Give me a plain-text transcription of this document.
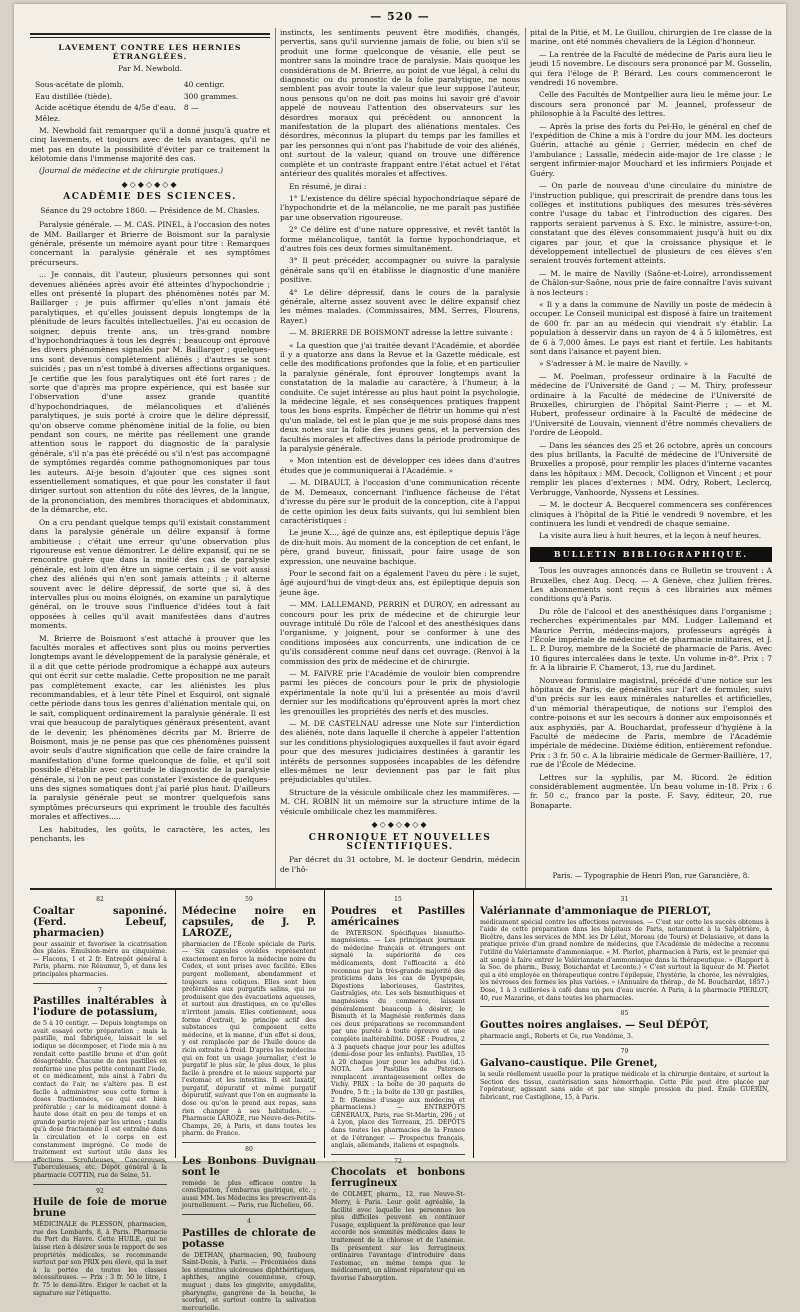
— 520 —
LAVEMENT CONTRE LES HERNIES ÉTRANGLÉES.
Par M. Newbold.
Sous-acétate de plomb.	40 centigr.
Eau distillée (tiède).	300 grammes.
Acide acétique étendu de 4/5e d'eau.	8 —
Mêlez.	

M. Newbold fait remarquer qu'il a donné jusqu'à quatre et cinq lavements, et toujours avec de tels avantages, qu'il ne met pas en doute la possibilité d'éviter par ce traitement la kélotomie dans l'immense majorité des cas.

(Journal de médecine et de chirurgie pratiques.)

◆◇◆◇◆◇◆
ACADÉMIE DES SCIENCES.
Séance du 29 octobre 1860. — Présidence de M. Chasles.

Paralysie générale. — M. CAS. PINEL, à l'occasion des notes de MM. Baillarger et Brierre de Boismont sur la paralysie générale, présente un mémoire ayant pour titre : Remarques concernant la paralysie générale et ses symptômes précurseurs.

... Je connais, dit l'auteur, plusieurs personnes qui sont devenues aliénées après avoir été atteintes d'hypochondrie ; elles ont présenté la plupart des phénomènes notés par M. Baillarger ; je puis affirmer qu'elles n'ont jamais été paralytiques, et qu'elles jouissent depuis longtemps de la plénitude de leurs facultés intellectuelles. J'ai eu occasion de soigner, depuis trente ans, un très-grand nombre d'hypochondriaques à tous les degrés ; beaucoup ont éprouvé les divers phénomènes signalés par M. Baillarger ; quelques-uns sont devenus complétement aliénés ; d'autres se sont suicidés ; pas un n'est tombé à diverses affections organiques. Je certifie que les fous paralytiques ont été fort rares ; de sorte que d'après ma propre expérience, qui est basée sur l'observation d'une assez grande quantité d'hypochondriaques, de mélancoliques et d'aliénés paralytiques, je suis porté à croire que le délire dépressif, qu'on observe comme phénomène initial de la folie, ou bien pendant son cours, ne mérite pas réellement une grande attention sous le rapport du diagnostic de la paralysie générale, s'il n'a pas été précédé ou s'il n'est pas accompagné de symptômes regardés comme pathognomoniques par tous les auteurs. Ai-je besoin d'ajouter que ces signes sont essentiellement somatiques, et que pour les constater il faut diriger surtout son attention du côté des lèvres, de la langue, de la prononciation, des membres thoraciques et abdominaux, de la démarche, etc.

On a cru pendant quelque temps qu'il existait constamment dans la paralysie générale un délire expansif à forme ambitieuse ; c'était une erreur qu'une observation plus rigoureuse est venue démontrer. Le délire expansif, qui ne se rencontre guère que dans la moitié des cas de paralysie générale, est loin d'en être un signe certain ; il se voit aussi chez des aliénés qui n'en sont jamais atteints ; il alterne souvent avec le délire dépressif, de sorte que si, à des intervalles plus ou moins éloignés, on examine un paralytique général, on le trouve sous l'influence d'idées tout à fait opposées à celles qu'il avait manifestées dans d'autres moments.

M. Brierre de Boismont s'est attaché à prouver que les facultés morales et affectives sont plus ou moins perverties longtemps avant le développement de la paralysie générale, et il a dit que cette période prodromique a échappé aux auteurs qui ont écrit sur cette maladie. Cette proposition ne me paraît pas complètement exacte, car les aliénistes les plus recommandables, et à leur tête Pinel et Esquirol, ont signalé cette période dans tous les genres d'aliénation mentale qui, on le sait, compliquent ordinairement la paralysie générale. Il est vrai que beaucoup de paralytiques généraux présentent, avant de le devenir, les phénomènes décrits par M. Brierre de Boismont, mais je ne pense pas que ces phénomènes puissent avoir seuls d'autre signification que celle de faire craindre la manifestation d'une forme quelconque de folie, et qu'il soit possible d'établir avec certitude le diagnostic de la paralysie générale, si l'on ne peut pas constater l'existence de quelques-uns des signes somatiques dont j'ai parlé plus haut. D'ailleurs la paralysie générale peut se montrer quelquefois sans symptômes précurseurs qui expriment le trouble des facultés morales et affectives.....

Les habitudes, les goûts, le caractère, les actes, les penchants, les

instincts, les sentiments peuvent être modifiés, changés, pervertis, sans qu'il survienne jamais de folie, ou bien s'il se produit une forme quelconque de vésanie, elle peut se montrer sans la moindre trace de paralysie. Mais quoique les considérations de M. Brierre, au point de vue légal, à celui du diagnostic ou du pronostic de la folie paralytique, ne nous semblent pas avoir toute la valeur que leur suppose l'auteur, nous pensons qu'on ne doit pas moins lui savoir gré d'avoir appelé de nouveau l'attention des observateurs sur les désordres moraux qui précèdent ou annoncent la manifestation de la plupart des aliénations mentales. Ces désordres, méconnus la plupart du temps par les familles et par les personnes qui n'ont pas l'habitude de voir des aliénés, ont surtout de la valeur, quand on trouve une différence complète et un contraste frappant entre l'état actuel et l'état antérieur des qualités morales et affectives.

En résumé, je dirai :

1° L'existence du délire spécial hypochondriaque séparé de l'hypochondrie et de la mélancolie, ne me paraît pas justifiée par une observation rigoureuse.

2° Ce délire est d'une nature oppressive, et revêt tantôt la forme mélancolique, tantôt la forme hypochondriaque, et d'autres fois ces deux formes simultanément.

3° Il peut précéder, accompagner ou suivre la paralysie générale sans qu'il en établisse le diagnostic d'une manière positive.

4° Le délire dépressif, dans le cours de la paralysie générale, alterne assez souvent avec le délire expansif chez les mêmes malades. (Commissaires, MM. Serres, Flourens, Rayer.)

— M. BRIERRE DE BOISMONT adresse la lettre suivante :

« La question que j'ai traitée devant l'Académie, et abordée il y a quatorze ans dans la Revue et la Gazette médicale, est celle des modifications profondes que la folie, et en particulier la paralysie générale, font éprouver longtemps avant la constatation de la maladie au caractère, à l'humeur, à la conduite. Ce sujet intéresse au plus haut point la psychologie, la médecine légale, et ses conséquences pratiques frappent tous les bons esprits. Empêcher de flétrir un homme qui n'est qu'un malade, tel est le plan que je me suis proposé dans mes deux notes sur la folie des jeunes gens, et la perversion des facultés morales et affectives dans la période prodromique de la paralysie générale.

» Mon intention est de développer ces idées dans d'autres études que je communiquerai à l'Académie. »

— M. DIBAULT, à l'occasion d'une communication récente de M. Demeaux, concernant l'influence fâcheuse de l'état d'ivresse du père sur le produit de la conception, cite à l'appui de cette opinion les deux faits suivants, qui lui semblent bien caractéristiques :

Le jeune X..., âgé de quinze ans, est épileptique depuis l'âge de dix-huit mois. Au moment de la conception de cet enfant, le père, grand buveur, finissait, pour faire usage de son expression, une neuvaine bachique.

Pour le second fait on a également l'aveu du père : le sujet, âgé aujourd'hui de vingt-deux ans, est épileptique depuis son jeune âge.

— MM. LALLEMAND, PERRIN et DUROY, en adressant au concours pour les prix de médecine et de chirurgie leur ouvrage intitulé Du rôle de l'alcool et des anesthésiques dans l'organisme, y joignent, pour se conformer à une des conditions imposées aux concurrents, une indication de ce qu'ils considèrent comme neuf dans cet ouvrage. (Renvoi à la commission des prix de médecine et de chirurgie.

— M. FAIVRE prie l'Académie de vouloir bien comprendre parmi les pièces de concours pour le prix de physiologie expérimentale la note qu'il lui a présentée au mois d'avril dernier sur les modifications qu'éprouvent après la mort chez les grenouilles les propriétés des nerfs et des muscles.

— M. DE CASTELNAU adresse une Note sur l'interdiction des aliénés, note dans laquelle il cherche à appeler l'attention sur les conditions physiologiques auxquelles il faut avoir égard pour que des mesures judiciaires destinées à garantir les intérêts de personnes supposées incapables de les défendre elles-mêmes ne leur deviennent pas par le fait plus préjudiciables qu'utiles.

Structure de la vésicule ombilicale chez les mammifères. — M. CH. ROBIN lit un mémoire sur la structure intime de la vésicule ombilicale chez les mammifères.

◆◇◆◇◆◇◆
CHRONIQUE ET NOUVELLES SCIENTIFIQUES.

Par décret du 31 octobre, M. le docteur Gendrin, médecin de l'hô-

pital de la Pitié, et M. Le Guillou, chirurgien de 1re classe de la marine, ont été nommés chevaliers de la Légion d'honneur.

— La rentrée de la Faculté de médecine de Paris aura lieu le jeudi 15 novembre. Le discours sera prononcé par M. Gosselin, qui fera l'éloge de P. Bérard. Les cours commenceront le vendredi 16 novembre.

Celle des Facultés de Montpellier aura lieu le même jour. Le discours sera prononcé par M. Jeannel, professeur de philosophie à la Faculté des lettres.

— Après la prise des forts du Peï-Ho, le général en chef de l'expédition de Chine a mis à l'ordre du jour MM. les docteurs Guérin, attaché au génie ; Gerrier, médecin en chef de l'ambulance ; Lassalle, médecin aide-major de 1re classe ; le sergent infirmier-major Mouchard et les infirmiers Poujade et Guéry.

— On parle de nouveau d'une circulaire du ministre de l'instruction publique, qui prescrirait de prendre dans tous les collèges et institutions publiques des mesures très-sévères contre l'usage du tabac et l'introduction des cigares. Des rapports seraient parvenus à S. Exc. le ministre, assure-t-on, constatant que des élèves consommaient jusqu'à huit ou dix cigares par jour, et que la croissance physique et le développement intellectuel de plusieurs de ces élèves s'en seraient trouvés fortement atteints.

— M. le maire de Navilly (Saône-et-Loire), arrondissement de Châlon-sur-Saône, nous prie de faire connaître l'avis suivant à nos lecteurs :

« Il y a dans la commune de Navilly un poste de médecin à occuper. Le Conseil municipal est disposé à faire un traitement de 600 fr. par an au médecin qui viendrait s'y établir. La population à desservir dans un rayon de 4 à 5 kilomètres, est de 6 à 7,000 âmes. Le pays est riant et fertile. Les habitants sont dans l'aisance et payent bien.

» S'adresser à M. le maire de Navilly. »

— M. Poelman, professeur ordinaire à la Faculté de médecine de l'Université de Gand ; — M. Thiry, professeur ordinaire à la Faculté de médecine de l'Université de Bruxelles, chirurgien de l'hôpital Saint-Pierre ; — et M. Hubert, professeur ordinaire à la Faculté de médecine de l'Université de Louvain, viennent d'être nommés chevaliers de l'ordre de Léopold.

— Dans les séances des 25 et 26 octobre, après un concours des plus brillants, la Faculté de médecine de l'Université de Bruxelles a proposé, pour remplir les places d'interne vacantes dans les hôpitaux : MM. Decock, Collignon et Vincent ; et pour remplir les places d'externes : MM. Odry, Robert, Leclercq, Verbrugge, Vanhoorde, Nyssens et Lessines.

— M. le docteur A. Becquerel commencera ses conférences cliniques à l'hôpital de la Pitié le vendredi 9 novembre, et les continuera les lundi et vendredi de chaque semaine.

La visite aura lieu à huit heures, et la leçon à neuf heures.

BULLETIN BIBLIOGRAPHIQUE.

Tous les ouvrages annoncés dans ce Bulletin se trouvent : A Bruxelles, chez Aug. Decq. — A Genève, chez Jullien frères. Les abonnements sont reçus à ces librairies aux mêmes conditions qu'à Paris.

Du rôle de l'alcool et des anesthésiques dans l'organisme ; recherches expérimentales par MM. Ludger Lallemand et Maurice Perrin, médecins-majors, professeurs agrégés à l'École impériale de médecine et de pharmacie militaires, et J. L. P. Duroy, membre de la Société de pharmacie de Paris. Avec 10 figures intercalées dans le texte. Un volume in-8°. Prix : 7 fr. A la librairie F. Chamerot, 13, rue du Jardinet.

Nouveau formulaire magistral, précédé d'une notice sur les hôpitaux de Paris, de généralités sur l'art de formuler, suivi d'un précis sur les eaux minérales naturelles et artificielles, d'un mémorial thérapeutique, de notions sur l'emploi des contre-poisons et sur les secours à donner aux empoisonnés et aux asphyxiés, par A. Bouchardat, professeur d'hygiène à la Faculté de médecine de Paris, membre de l'Académie impériale de médecine. Dixième édition, entièrement refondue. Prix : 3 fr. 50 c. A la librairie médicale de Germer-Baillière, 17, rue de l'École de Médecine.

Lettres sur la syphilis, par M. Ricord. 2e édition considérablement augmentée. Un beau volume in-18. Prix : 6 fr. 50 c., franco par la poste. F. Savy, éditeur, 20, rue Bonaparte.

Paris. — Typographie de Henri Plon, rue Garancière, 8.
82
Coaltar saponiné. (Ferd. Lebeuf, pharmacien)
pour assainir et favoriser la cicatrisation des plaies. Émulsion-mère au cinquième. — Flacons, 1 et 2 fr. Entrepôt général à Paris, pharm. rue Réaumur, 5, et dans les principales pharmacies.
7
Pastilles inaltérables à l'iodure de potassium,
de 5 à 10 centigr. — Depuis longtemps on avait essayé cette préparation ; mais la pastille, mal fabriquée, laissait le sel iodique se décomposer, et l'iode mis à nu rendait cette pastille brune et d'un goût désagréable. Chacune de nos pastilles en renferme une plus petite contenant l'iode, et ce médicament, mis ainsi à l'abri du contact de l'air, ne s'altère pas. Il est facile à administrer sous cette forme à doses fractionnées, ce qui est bien préférable ; car le médicament donné à haute dose était en peu de temps et en grande partie rejeté par les urines ; tandis qu'à dose fractionnée il est entraîné dans la circulation et le corps en est constamment imprégné. Ce mode de traitement est surtout utile dans les affections Scrofuleuses, Cancéreuses, Tuberculeuses, etc. Dépôt général à la pharmacie COTTIN, rue de Seine, 51.
92
Huile de foie de morue brune
MÉDICINALE de PLESSON, pharmacien, rue des Lombards, 8, à Paris. Pharmacie du Port du Havre. Cette HUILE, qui ne laisse rien à désirer sous le rapport de ses propriétés médicales, se recommande surtout par son PRIX peu élevé, qui la met à la portée de toutes les classes nécessiteuses. — Prix : 3 fr. 50 le litre, 1 fr. 75 le demi-litre. Exiger le cachet et la signature sur l'étiquette.
59
Médecine noire en capsules, de J. P. LAROZE,
pharmacien de l'École spéciale de Paris. — Six capsules ovoïdes représentent exactement en force la médecine noire du Codex, et sont prises avec facilité. Elles purgent mollement, abondamment et toujours sans coliques. Elles sont bien préférables aux purgatifs salins, qui ne produisent que des évacuations aqueuses, et surtout aux drastiques, en ce qu'elles n'irritent jamais. Elles contiennent, sous forme d'extrait, le principe actif des substances qui composent cette médecine, et la manne, d'un effet si doux, y est remplacée par de l'huile douce de ricin extraite à froid. D'après les médecins qui en font un usage journalier, c'est le purgatif le plus sûr, le plus doux, le plus facile à prendre et le mieux supporté par l'estomac et les intestins. Il est laxatif, purgatif, dépuratif et même purgatif dépuratif, suivant que l'on en augmente la dose ou qu'on le prend aux repas, sans rien changer à ses habitudes. — Pharmacie LAROZE, rue Neuve-des-Petits-Champs, 26, à Paris, et dans toutes les pharm. de France.
80
Les Bonbons Duvignau sont le
remède le plus efficace contre la constipation, l'embarras gastrique, etc. ; aussi MM. les Médecins les prescrivent-ils journellement. — Paris, rue Richelieu, 66.
4
Pastilles de chlorate de potasse
de DETHAN, pharmacien, 90, faubourg Saint-Denis, à Paris. — Préconisées dans les stomatites ulcéreuses diphthéritiques, aphthes, angine couenneuse, croup, muguet ; dans les gingivite, amygdalite, pharyngite, gangrène de la bouche, le scorbut, et surtout contre la salivation mercurielle.
15
Poudres et Pastilles américaines
de PATERSON. Spécifiques bismutho-magnésiens. — Les principaux journaux de médecine français et étrangers ont signalé la supériorité de ces médicaments, dont l'efficacité a été reconnue par la très-grande majorité des praticiens dans les cas de Dyspepsie, Digestions laborieuses, Gastrites, Gastralgies, etc. Les sels bismuthiques et magnésiens du commerce, laissant généralement beaucoup à désirer, le Bismuth et la Magnésie renfermés dans ces deux préparations se recommandent par une pureté à toute épreuve et une complète inaltérabilité. DOSE : Poudres, 2 à 3 paquets chaque jour pour les adultes (demi-dose pour les enfants). Pastilles, 15 à 20 chaque jour pour les adultes (id.). NOTA. Les Pastilles de Paterson remplacent avantageusement celles de Vichy. PRIX : la boîte de 30 paquets de Poudre, 5 fr. ; la boîte de 130 gr. pastilles, 2 fr. (Remise d'usage aux médecins et pharmaciens.) — ENTREPÔTS GÉNÉRAUX, Paris, rue St-Martin, 296 ; et à Lyon, place des Terreaux, 25. DÉPÔTS dans toutes les pharmacies de la France et de l'étranger. — Prospectus français, anglais, allemands, italiens et espagnols.
72
Chocolats et bonbons ferrugineux
de COLMET, pharm., 12, rue Neuve-St-Merry, à Paris. Leur goût agréable, la facilité avec laquelle les personnes les plus difficiles peuvent en continuer l'usage, expliquent la préférence que leur accorde nos sommités médicales dans le traitement de la chlorose et de l'anémie. Ils présentent sur les ferrugineux ordinaires l'avantage d'introduire dans l'estomac, en même temps que le médicament, un aliment réparateur qui en favorise l'absorption.
31
Valériannate d'ammoniaque de PIERLOT,
médicament spécial contre les affections nerveuses. — C'est sur cette les succès obtenus à l'aide de cette préparation dans les hôpitaux de Paris, notamment à la Salpêtrière, à Bicêtre, dans les services de MM. les Dr Lélut, Moreau (de Tours) et Delasiauve, et dans la pratique privée d'un grand nombre de médecins, que l'Académie de médecine a reconnu l'utilité du Valériannate d'ammoniaque. « M. Pierlot, pharmacien à Paris, est le premier qui ait songé à faire entrer le Valériannate d'ammoniaque dans la thérapeutique. » (Rapport à la Soc. de pharm., Bussy, Bouchardat et Leconte.) « C'est surtout la liqueur de M. Pierlot qui a été employée en thérapeutique contre l'épilepsie, l'hystérie, la chorée, les névralgies, les névroses des formes les plus variées. » (Annuaire de thérap., de M. Bouchardat, 1857.) Dose, 1 à 3 cuillerées à café dans un peu d'eau sucrée. A Paris, à la pharmacie PIERLOT, 40, rue Mazarine, et dans toutes les pharmacies.
85
Gouttes noires anglaises. — Seul DÉPÔT,
pharmacie angl., Roberts et Ce, rue Vendôme, 3.
79
Galvano-caustique. Pile Grenet,
la seule réellement usuelle pour la pratique médicale et la chirurgie dentaire, et surtout la Section des tissus, cautérisation sans hémorrhagie. Cette Pile peut être placée par l'opérateur, agissant sans aide et par une simple pression du pied. Émile GUÉRIN, fabricant, rue Castiglione, 15, à Paris.
